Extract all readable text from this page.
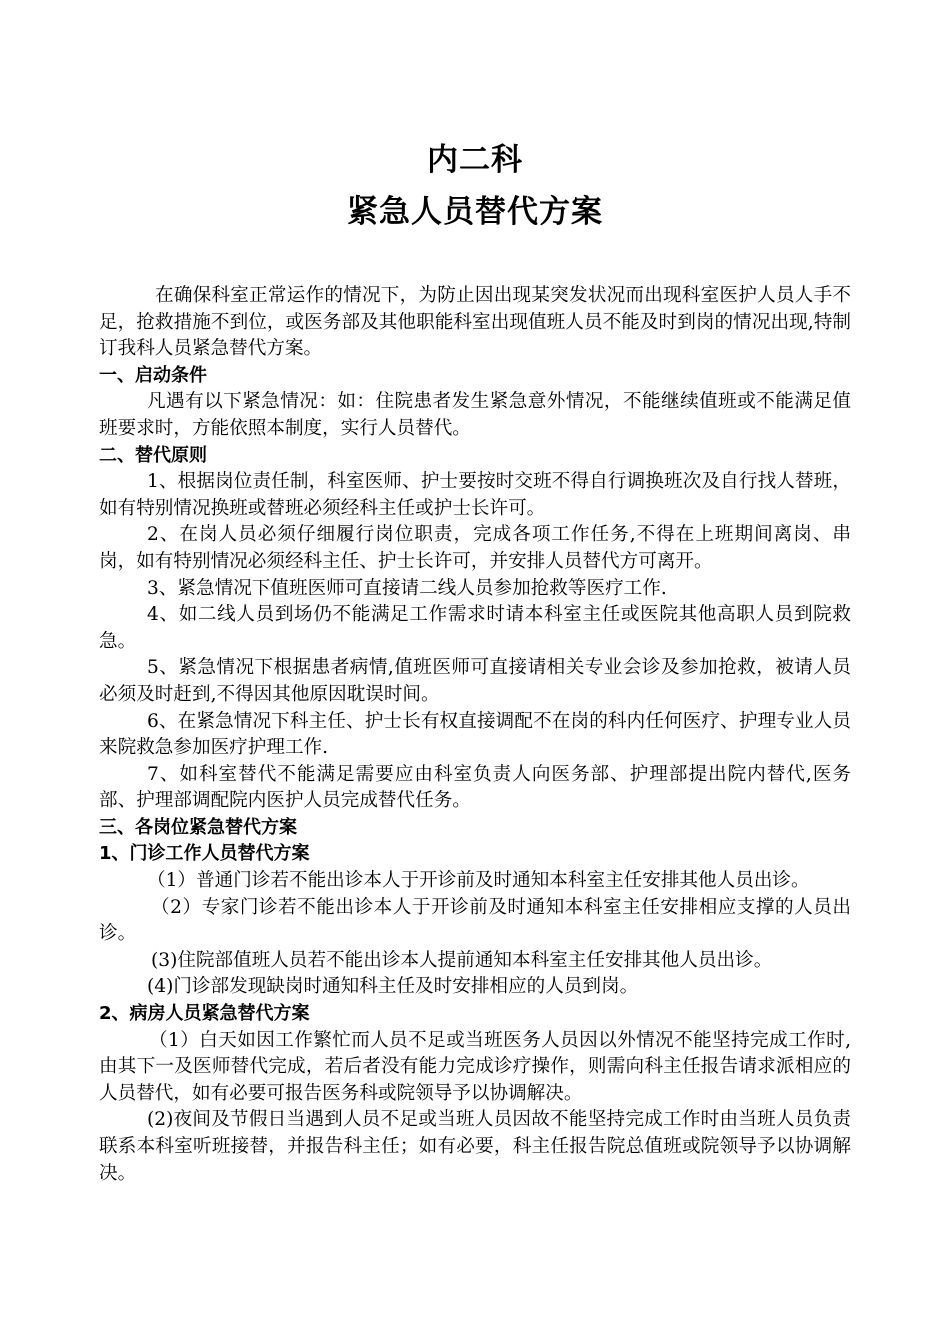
内二科
紧急人员替代方案

在确保科室正常运作的情况下，为防止因出现某突发状况而出现科室医护人员人手不足，抢救措施不到位，或医务部及其他职能科室出现值班人员不能及时到岗的情况出现,特制订我科人员紧急替代方案。

一、启动条件

凡遇有以下紧急情况：如：住院患者发生紧急意外情况，不能继续值班或不能满足值班要求时，方能依照本制度，实行人员替代。

二、替代原则

1、根据岗位责任制，科室医师、护士要按时交班不得自行调换班次及自行找人替班，如有特别情况换班或替班必须经科主任或护士长许可。

2、在岗人员必须仔细履行岗位职责，完成各项工作任务,不得在上班期间离岗、串岗，如有特别情况必须经科主任、护士长许可，并安排人员替代方可离开。

3、紧急情况下值班医师可直接请二线人员参加抢救等医疗工作.

4、如二线人员到场仍不能满足工作需求时请本科室主任或医院其他高职人员到院救急。

5、紧急情况下根据患者病情,值班医师可直接请相关专业会诊及参加抢救，被请人员必须及时赶到,不得因其他原因耽误时间。

6、在紧急情况下科主任、护士长有权直接调配不在岗的科内任何医疗、护理专业人员来院救急参加医疗护理工作.

7、如科室替代不能满足需要应由科室负责人向医务部、护理部提出院内替代,医务部、护理部调配院内医护人员完成替代任务。

三、各岗位紧急替代方案

1、门诊工作人员替代方案

（1）普通门诊若不能出诊本人于开诊前及时通知本科室主任安排其他人员出诊。

（2）专家门诊若不能出诊本人于开诊前及时通知本科室主任安排相应支撑的人员出诊。

(3)住院部值班人员若不能出诊本人提前通知本科室主任安排其他人员出诊。

(4)门诊部发现缺岗时通知科主任及时安排相应的人员到岗。

2、病房人员紧急替代方案

（1）白天如因工作繁忙而人员不足或当班医务人员因以外情况不能坚持完成工作时,由其下一及医师替代完成，若后者没有能力完成诊疗操作，则需向科主任报告请求派相应的人员替代，如有必要可报告医务科或院领导予以协调解决。

(2)夜间及节假日当遇到人员不足或当班人员因故不能坚持完成工作时由当班人员负责联系本科室听班接替，并报告科主任；如有必要，科主任报告院总值班或院领导予以协调解决。
